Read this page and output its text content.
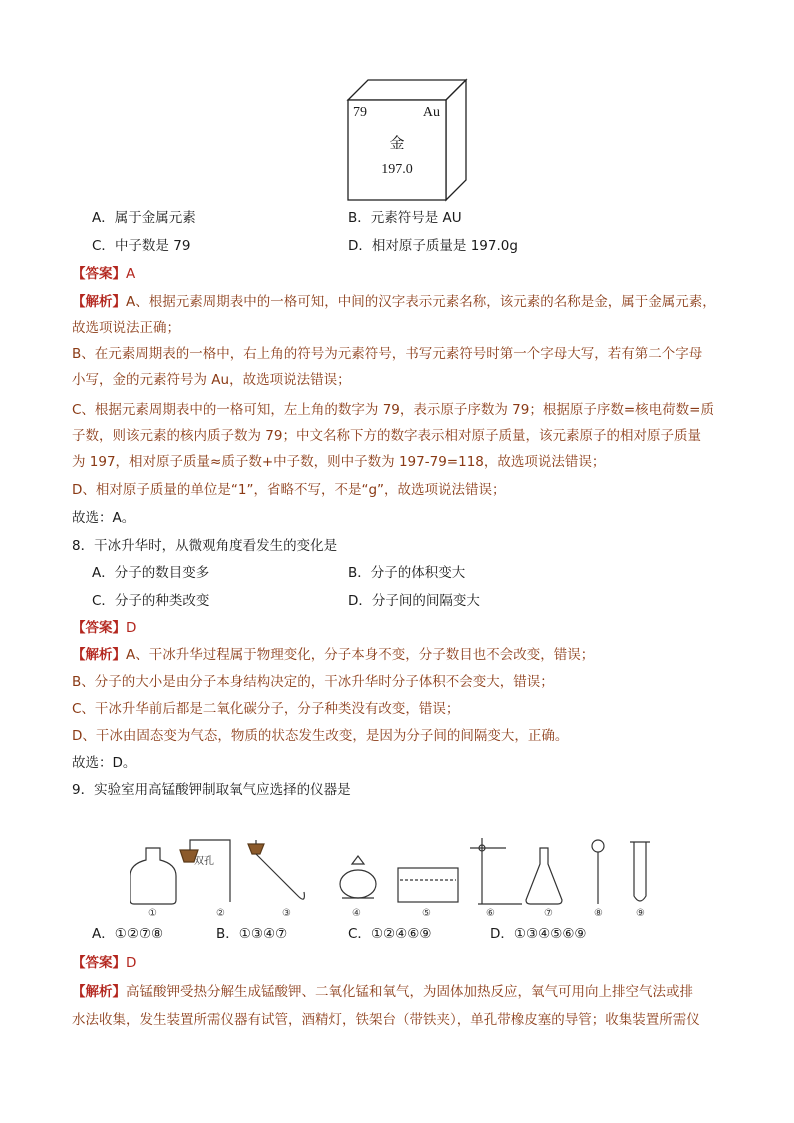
79	Au
金
197.0
A．属于金属元素	B．元素符号是 AU
C．中子数是 79	D．相对原子质量是 197.0g
【答案】A
【解析】A、根据元素周期表中的一格可知，中间的汉字表示元素名称，该元素的名称是金，属于金属元素，
故选项说法正确；
B、在元素周期表的一格中，右上角的符号为元素符号，书写元素符号时第一个字母大写，若有第二个字母
小写，金的元素符号为 Au，故选项说法错误；
C、根据元素周期表中的一格可知，左上角的数字为 79，表示原子序数为 79；根据原子序数=核电荷数=质
子数，则该元素的核内质子数为 79；中文名称下方的数字表示相对原子质量，该元素原子的相对原子质量
为 197，相对原子质量≈质子数+中子数，则中子数为 197-79=118，故选项说法错误；
D、相对原子质量的单位是“1”，省略不写，不是“g”，故选项说法错误；
故选：A。
8．干冰升华时，从微观角度看发生的变化是
A．分子的数目变多	B．分子的体积变大
C．分子的种类改变	D．分子间的间隔变大
【答案】D
【解析】A、干冰升华过程属于物理变化，分子本身不变，分子数目也不会改变，错误；
B、分子的大小是由分子本身结构决定的，干冰升华时分子体积不会变大，错误；
C、干冰升华前后都是二氧化碳分子，分子种类没有改变，错误；
D、干冰由固态变为气态，物质的状态发生改变，是因为分子间的间隔变大，正确。
故选：D。
9．实验室用高锰酸钾制取氧气应选择的仪器是
双孔
①	②	③	④	⑤	⑥	⑦	⑧	⑨
A．①②⑦⑧	B．①③④⑦	C．①②④⑥⑨	D．①③④⑤⑥⑨
【答案】D
【解析】高锰酸钾受热分解生成锰酸钾、二氧化锰和氧气，为固体加热反应，氧气可用向上排空气法或排
水法收集，发生装置所需仪器有试管，酒精灯，铁架台（带铁夹），单孔带橡皮塞的导管；收集装置所需仪
